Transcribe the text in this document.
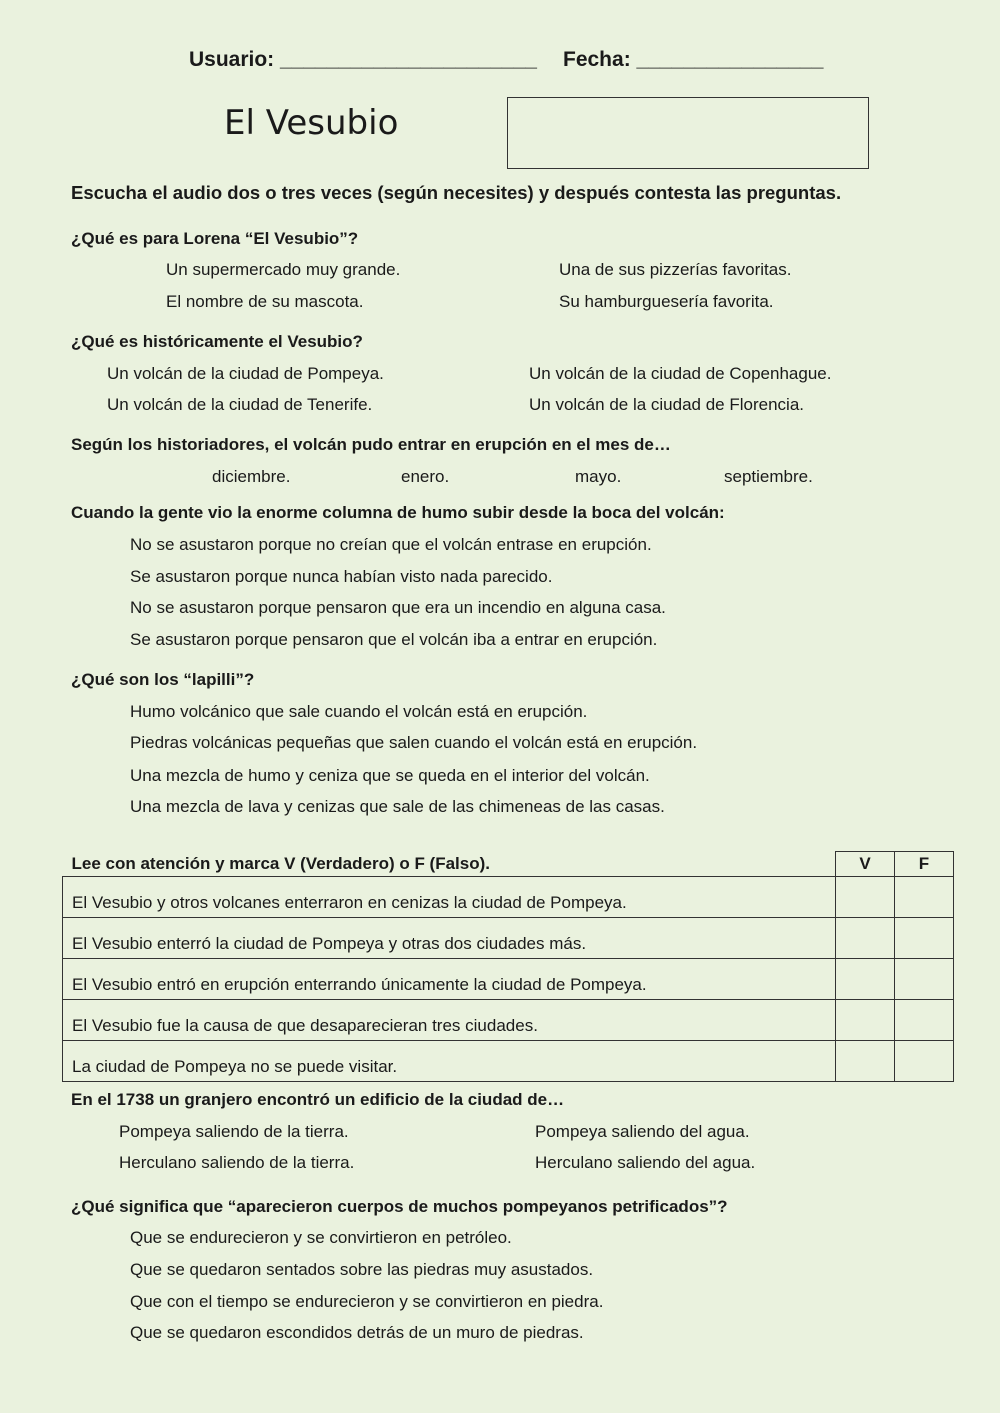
Usuario: ______________________ Fecha: ________________
El Vesubio
Escucha el audio dos o tres veces (según necesites) y después contesta las preguntas.
¿Qué es para Lorena “El Vesubio”?
Un supermercado muy grande.	Una de sus pizzerías favoritas.
El nombre de su mascota.	Su hamburguesería favorita.
¿Qué es históricamente el Vesubio?
Un volcán de la ciudad de Pompeya.	Un volcán de la ciudad de Copenhague.
Un volcán de la ciudad de Tenerife.	Un volcán de la ciudad de Florencia.
Según los historiadores, el volcán pudo entrar en erupción en el mes de…
diciembre.	enero.	mayo.	septiembre.
Cuando la gente vio la enorme columna de humo subir desde la boca del volcán:
No se asustaron porque no creían que el volcán entrase en erupción.
Se asustaron porque nunca habían visto nada parecido.
No se asustaron porque pensaron que era un incendio en alguna casa.
Se asustaron porque pensaron que el volcán iba a entrar en erupción.
¿Qué son los “lapilli”?
Humo volcánico que sale cuando el volcán está en erupción.
Piedras volcánicas pequeñas que salen cuando el volcán está en erupción.
Una mezcla de humo y ceniza que se queda en el interior del volcán.
Una mezcla de lava y cenizas que sale de las chimeneas de las casas.
Lee con atención y marca V (Verdadero) o F (Falso).	V	F
El Vesubio y otros volcanes enterraron en cenizas la ciudad de Pompeya.		
El Vesubio enterró la ciudad de Pompeya y otras dos ciudades más.		
El Vesubio entró en erupción enterrando únicamente la ciudad de Pompeya.		
El Vesubio fue la causa de que desaparecieran tres ciudades.		
La ciudad de Pompeya no se puede visitar.		
En el 1738 un granjero encontró un edificio de la ciudad de…
Pompeya saliendo de la tierra.	Pompeya saliendo del agua.
Herculano saliendo de la tierra.	Herculano saliendo del agua.
¿Qué significa que “aparecieron cuerpos de muchos pompeyanos petrificados”?
Que se endurecieron y se convirtieron en petróleo.
Que se quedaron sentados sobre las piedras muy asustados.
Que con el tiempo se endurecieron y se convirtieron en piedra.
Que se quedaron escondidos detrás de un muro de piedras.
